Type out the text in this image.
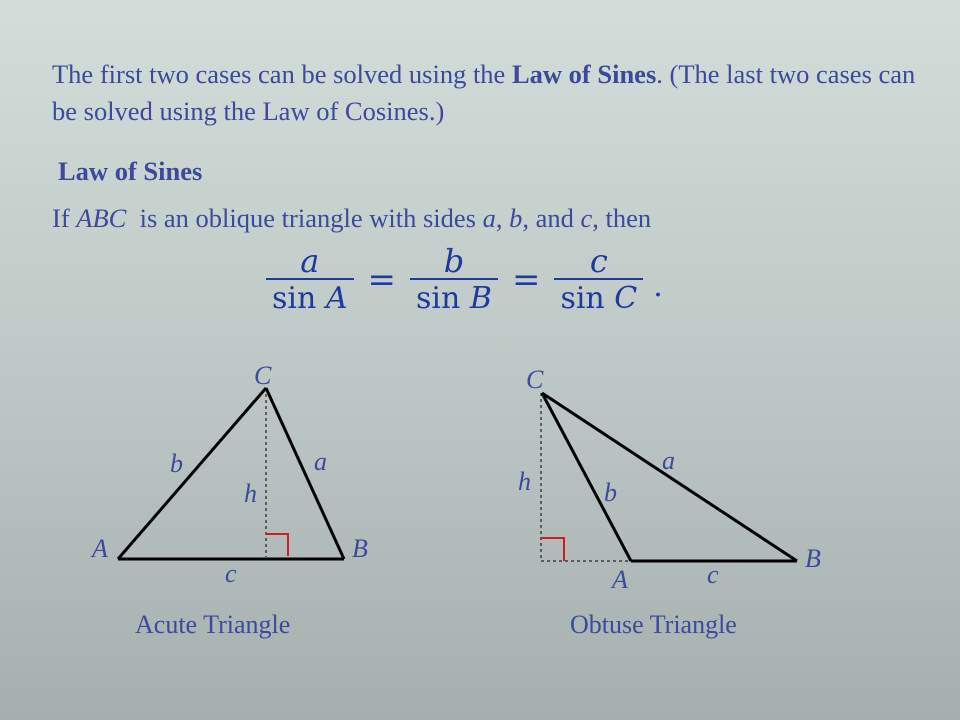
The first two cases can be solved using the Law of Sines. (The last two cases can be solved using the Law of Cosines.)

Law of Sines
If ABC  is an oblique triangle with sides a, b, and c, then
$\frac{a}{\text{sin A}} = \frac{b}{\text{sin B}} = \frac{c}{\text{sin C}}$ .
C
A	B
b	a
h
c
Acute Triangle
C
a
h	b
A	c
B
Obtuse Triangle
